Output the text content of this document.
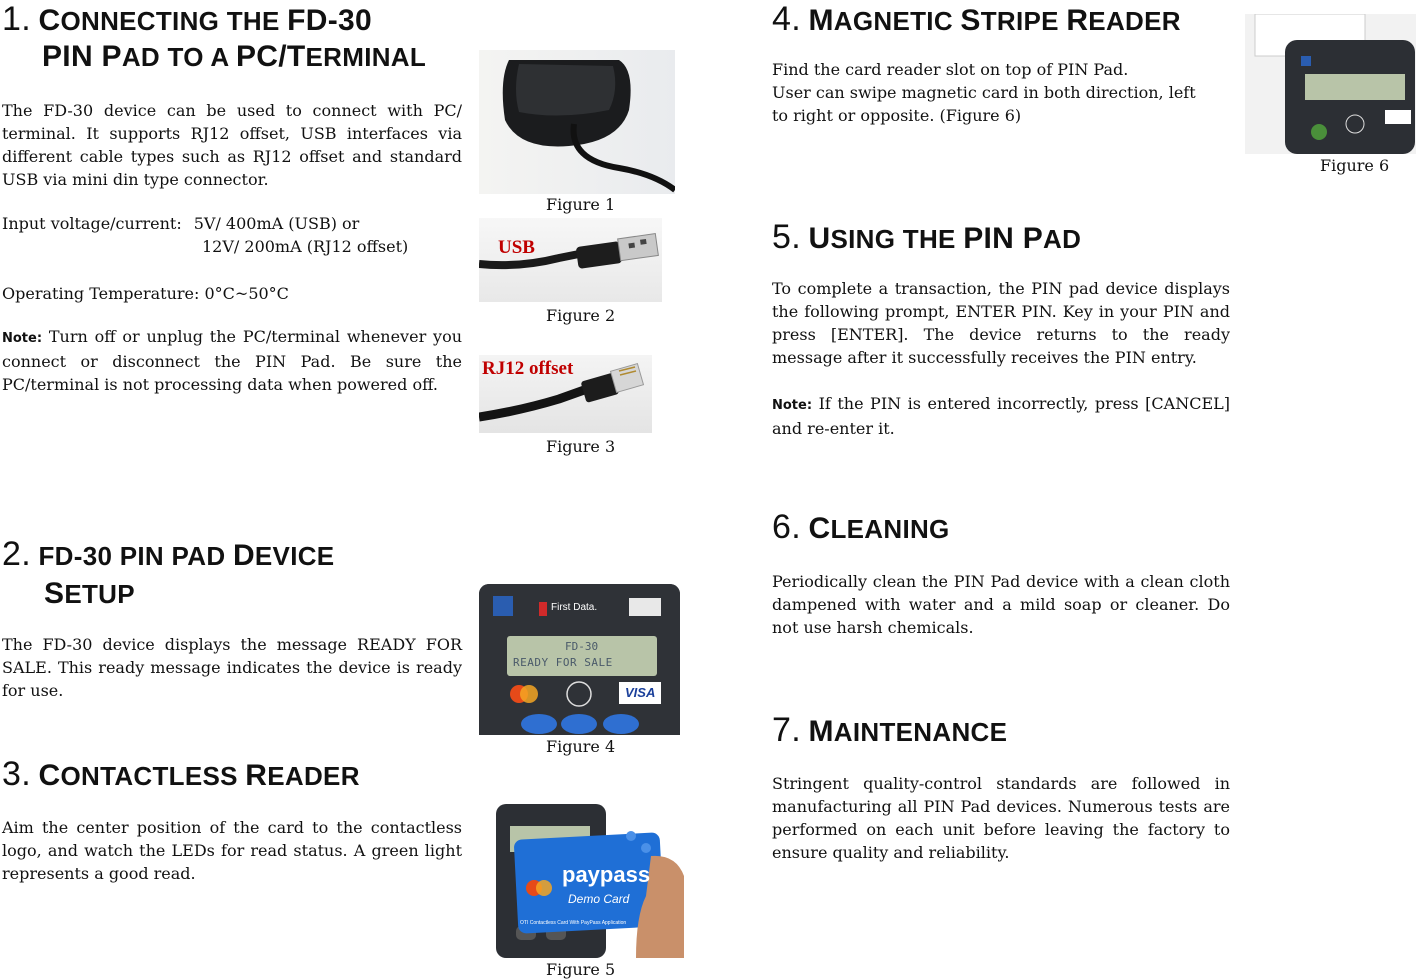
1. CONNECTING THE FD-30
PIN PAD TO A PC/TERMINAL

The FD-30 device can be used to connect with PC/ terminal. It supports RJ12 offset, USB interfaces via different cable types such as RJ12 offset and standard USB via mini din type connector.

Input voltage/current: 5V/ 400mA (USB) or
12V/ 200mA (RJ12 offset)

Operating Temperature: 0°C~50°C

Note: Turn off or unplug the PC/terminal whenever you connect or disconnect the PIN Pad. Be sure the PC/terminal is not processing data when powered off.

Figure 1
USB
Figure 2
RJ12 offset
Figure 3
2. FD-30 PIN PAD DEVICE
SETUP

The FD-30 device displays the message READY FOR SALE. This ready message indicates the device is ready for use.

FD-30
READY FOR SALE
First Data.
VISA
Figure 4
3. CONTACTLESS READER

Aim the center position of the card to the contactless logo, and watch the LEDs for read status. A green light represents a good read.	paypass
Demo Card
OTI Contactless Card With PayPass Application
Figure 5
4. MAGNETIC STRIPE READER
Find the card reader slot on top of PIN Pad.
User can swipe magnetic card in both direction, left to right or opposite. (Figure 6)
Figure 6
5. USING THE PIN PAD

To complete a transaction, the PIN pad device displays the following prompt, ENTER PIN. Key in your PIN and press [ENTER]. The device returns to the ready message after it successfully receives the PIN entry.

Note: If the PIN is entered incorrectly, press [CANCEL] and re-enter it.

6. CLEANING

Periodically clean the PIN Pad device with a clean cloth dampened with water and a mild soap or cleaner. Do not use harsh chemicals.

7. MAINTENANCE

Stringent quality-control standards are followed in manufacturing all PIN Pad devices. Numerous tests are performed on each unit before leaving the factory to ensure quality and reliability.
